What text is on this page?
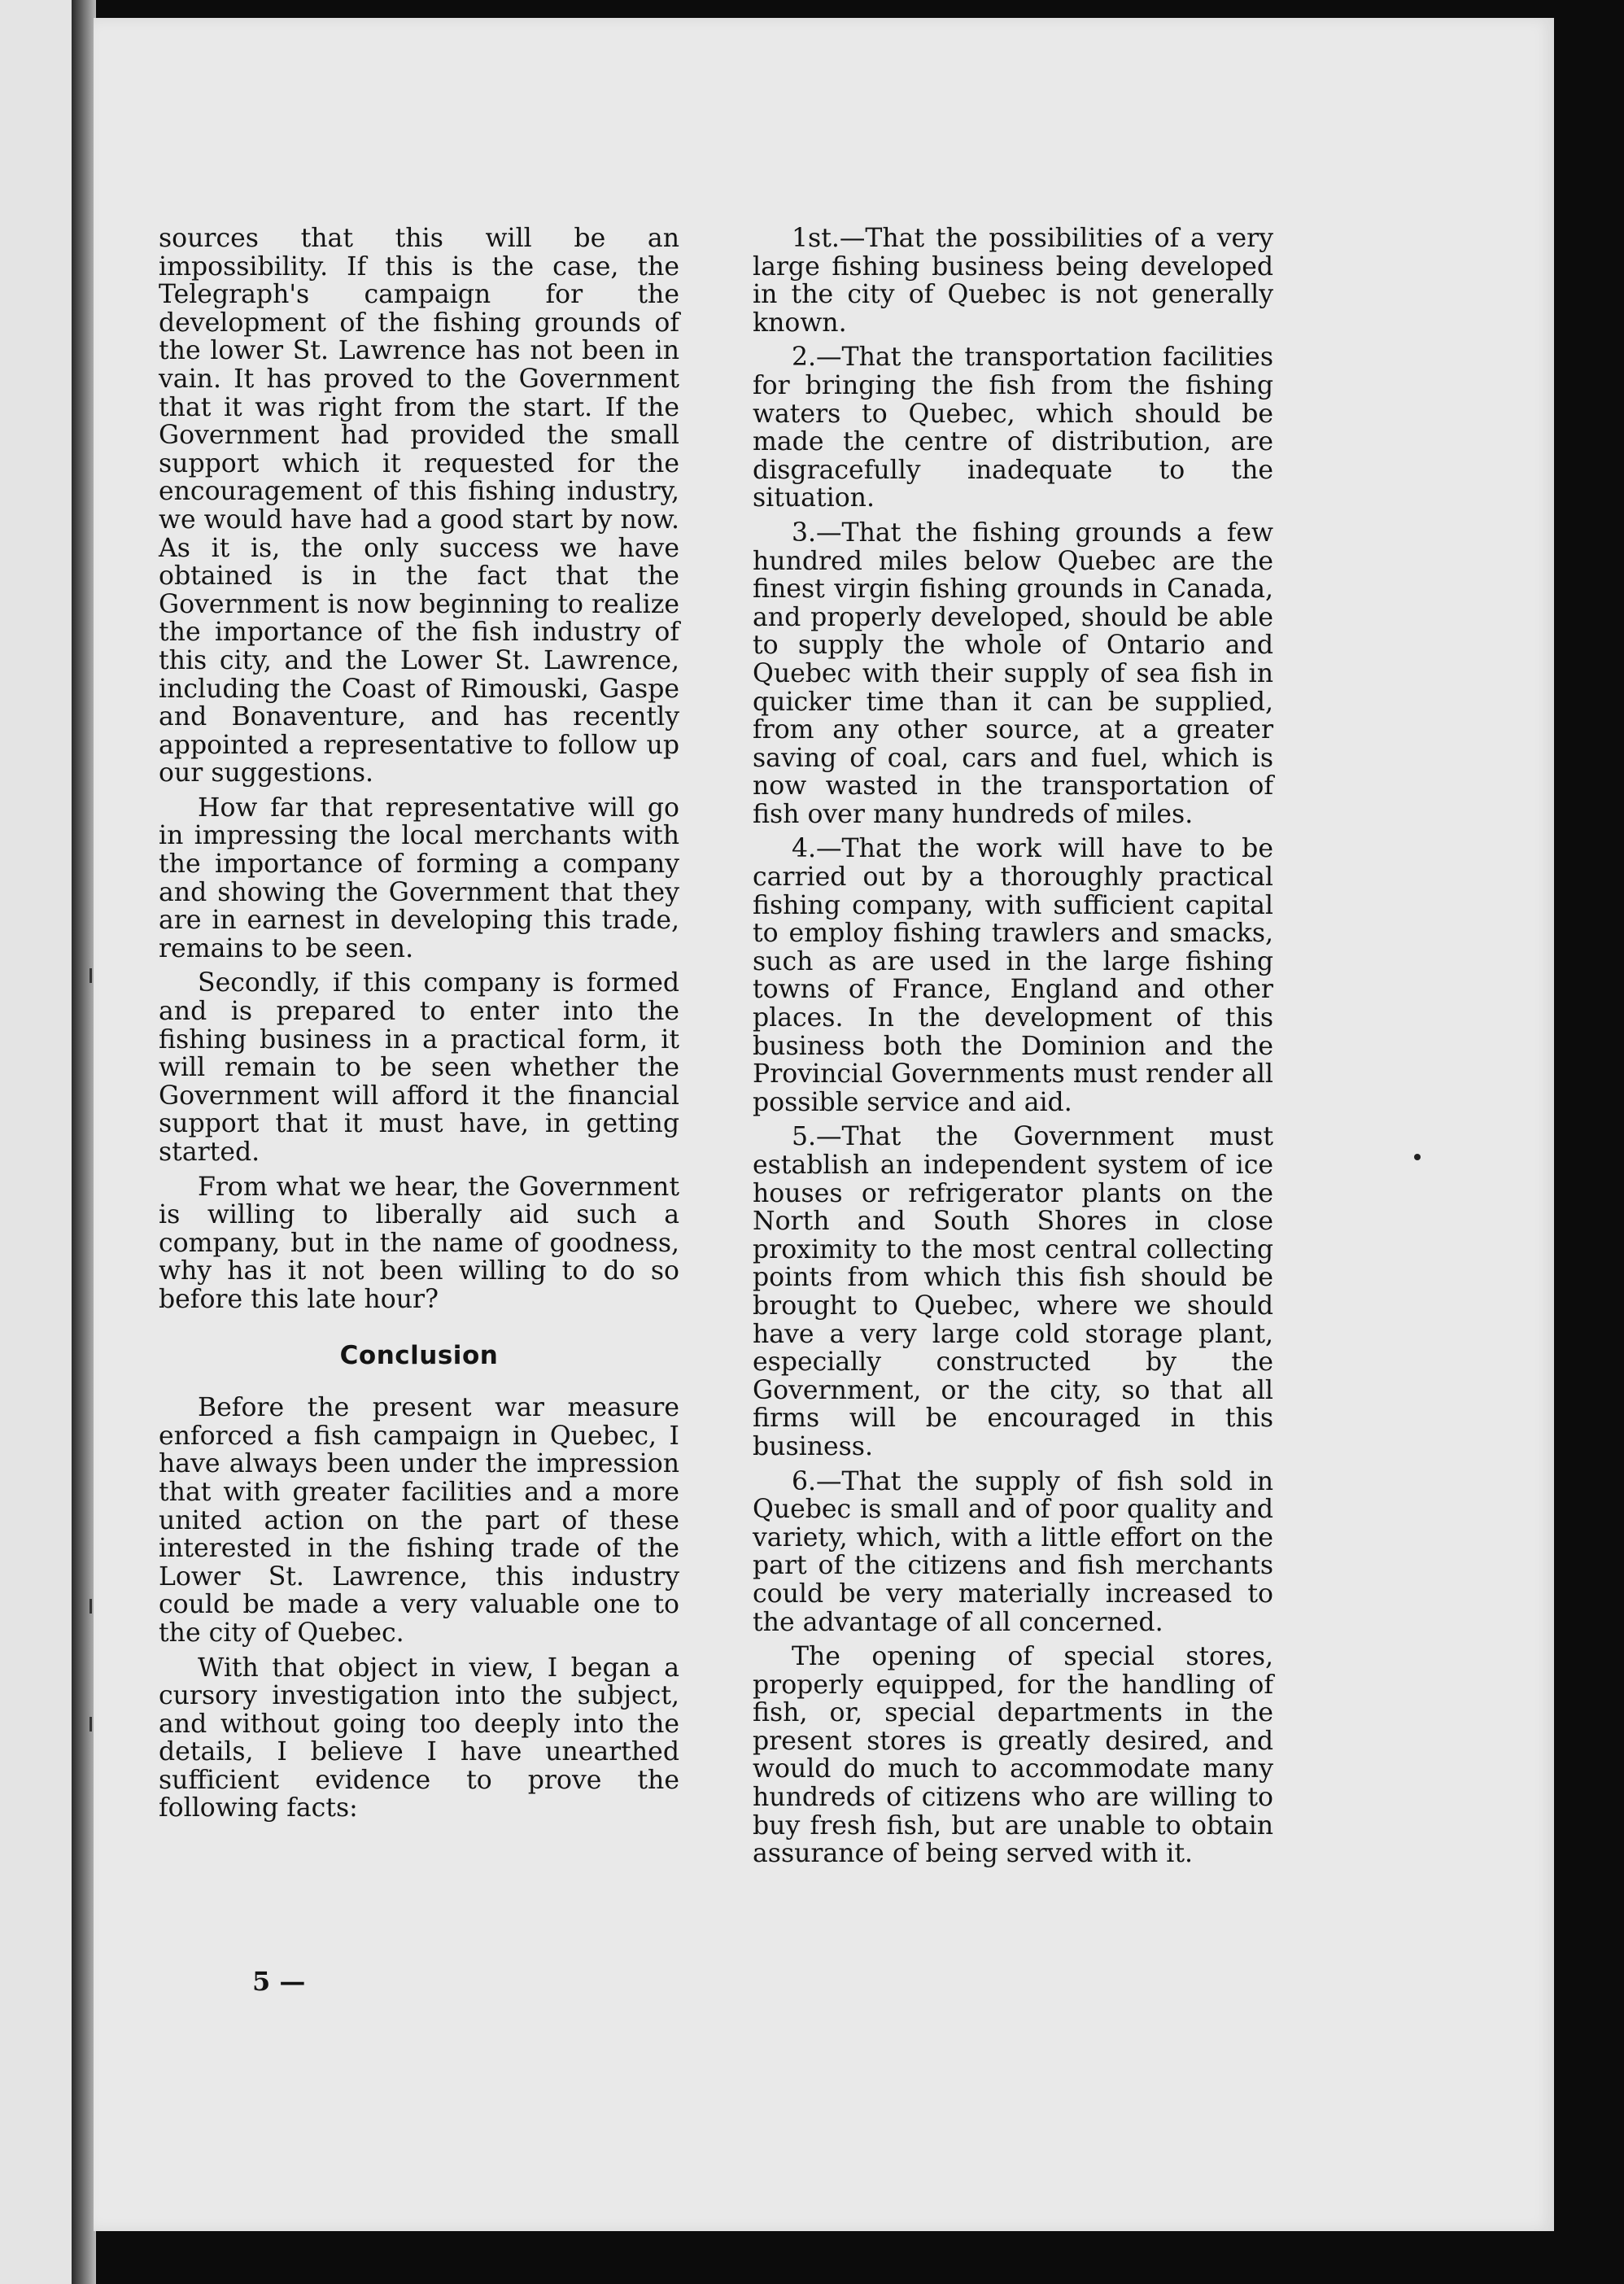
sources that this will be an impossibility. If this is the case, the Telegraph's campaign for the development of the fishing grounds of the lower St. Lawrence has not been in vain. It has proved to the Government that it was right from the start. If the Government had provided the small support which it requested for the encouragement of this fishing industry, we would have had a good start by now. As it is, the only success we have obtained is in the fact that the Government is now beginning to realize the importance of the fish industry of this city, and the Lower St. Lawrence, including the Coast of Rimouski, Gaspe and Bonaventure, and has recently appointed a representative to follow up our suggestions.

How far that representative will go in impressing the local merchants with the importance of forming a company and showing the Government that they are in earnest in developing this trade, remains to be seen.

Secondly, if this company is formed and is prepared to enter into the fishing business in a practical form, it will remain to be seen whether the Government will afford it the financial support that it must have, in getting started.

From what we hear, the Government is willing to liberally aid such a company, but in the name of goodness, why has it not been willing to do so before this late hour?

Conclusion

Before the present war measure enforced a fish campaign in Quebec, I have always been under the impression that with greater facilities and a more united action on the part of these interested in the fishing trade of the Lower St. Lawrence, this industry could be made a very valuable one to the city of Quebec.

With that object in view, I began a cursory investigation into the subject, and without going too deeply into the details, I believe I have unearthed sufficient evidence to prove the following facts:

1st.—That the possibilities of a very large fishing business being developed in the city of Quebec is not generally known.

2.—That the transportation facilities for bringing the fish from the fishing waters to Quebec, which should be made the centre of distribution, are disgracefully inadequate to the situation.

3.—That the fishing grounds a few hundred miles below Quebec are the finest virgin fishing grounds in Canada, and properly developed, should be able to supply the whole of Ontario and Quebec with their supply of sea fish in quicker time than it can be supplied, from any other source, at a greater saving of coal, cars and fuel, which is now wasted in the transportation of fish over many hundreds of miles.

4.—That the work will have to be carried out by a thoroughly practical fishing company, with sufficient capital to employ fishing trawlers and smacks, such as are used in the large fishing towns of France, England and other places. In the development of this business both the Dominion and the Provincial Governments must render all possible service and aid.

5.—That the Government must establish an independent system of ice houses or refrigerator plants on the North and South Shores in close proximity to the most central collecting points from which this fish should be brought to Quebec, where we should have a very large cold storage plant, especially constructed by the Government, or the city, so that all firms will be encouraged in this business.

6.—That the supply of fish sold in Quebec is small and of poor quality and variety, which, with a little effort on the part of the citizens and fish merchants could be very materially increased to the advantage of all concerned.

The opening of special stores, properly equipped, for the handling of fish, or, special departments in the present stores is greatly desired, and would do much to accommodate many hundreds of citizens who are willing to buy fresh fish, but are unable to obtain assurance of being served with it.

5 —
